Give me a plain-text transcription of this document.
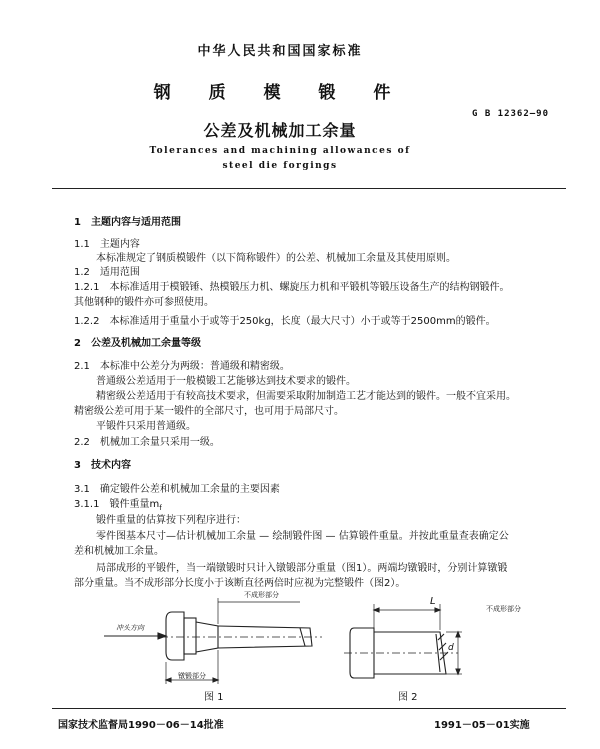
中华人民共和国国家标准
钢 质 模 锻 件
公差及机械加工余量
G B 12362—90
Tolerances and machining allowances of
steel die forgings
1　主题内容与适用范围
1.1　主题内容
本标准规定了钢质模锻件（以下简称锻件）的公差、机械加工余量及其使用原则。
1.2　适用范围
1.2.1　本标准适用于模锻锤、热模锻压力机、螺旋压力机和平锻机等锻压设备生产的结构钢锻件。
其他钢种的锻件亦可参照使用。
1.2.2　本标准适用于重量小于或等于250kg，长度（最大尺寸）小于或等于2500mm的锻件。
2　公差及机械加工余量等级
2.1　本标准中公差分为两级：普通级和精密级。
普通级公差适用于一般模锻工艺能够达到技术要求的锻件。
精密级公差适用于有较高技术要求，但需要采取附加制造工艺才能达到的锻件。一般不宜采用。
精密级公差可用于某一锻件的全部尺寸，也可用于局部尺寸。
平锻件只采用普通级。
2.2　机械加工余量只采用一级。
3　技术内容
3.1　确定锻件公差和机械加工余量的主要因素
3.1.1　锻件重量$m_f$
锻件重量的估算按下列程序进行：
零件图基本尺寸—估计机械加工余量 — 绘制锻件图 — 估算锻件重量。并按此重量查表确定公
差和机械加工余量。
局部成形的平锻件，当一端镦锻时只计入镦锻部分重量（图1）。两端均镦锻时，分别计算镦锻
部分重量。当不成形部分长度小于该断直径两倍时应视为完整锻件（图2）。
不成形部分
冲头方向
镦锻部分
图 1
L
不成形部分
d
图 2
国家技术监督局1990－06－14批准	1991－05－01实施
